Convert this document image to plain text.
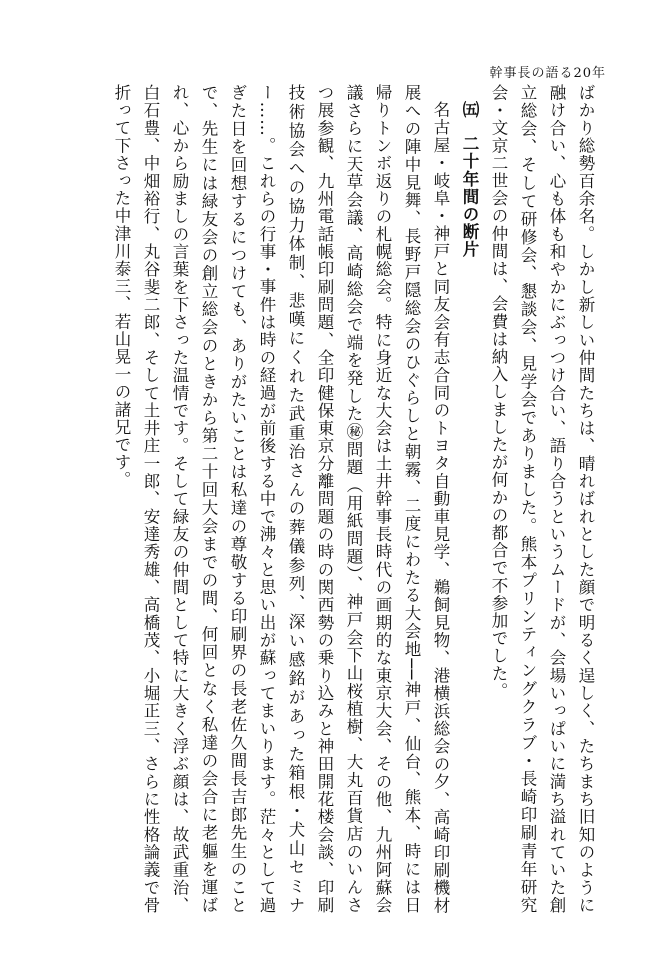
幹事長の語る20年

ばかり総勢百余名。しかし新しい仲間たちは、晴ればれとした顔で明るく逞しく、たちまち旧知のように融け合い、心も体も和やかにぶっつけ合い、語り合うというムードが、会場いっぱいに満ち溢れていた創立総会、そして研修会、懇談会、見学会でありました。熊本プリンティングクラブ・長崎印刷青年研究会・文京二世会の仲間は、会費は納入しましたが何かの都合で不参加でした。

㈤　二十年間の断片

名古屋・岐阜・神戸と同友会有志合同のトヨタ自動車見学、鵜飼見物、港横浜総会の夕、高崎印刷機材展への陣中見舞、長野戸隠総会のひぐらしと朝霧、二度にわたる大会地──神戸、仙台、熊本、時には日帰りトンボ返りの札幌総会。特に身近な大会は土井幹事長時代の画期的な東京大会、その他、九州阿蘇会議さらに天草会議、高崎総会で端を発した㊙問題（用紙問題）、神戸会下山桜植樹、大丸百貨店のいんさつ展参観、九州電話帳印刷問題、全印健保東京分離問題の時の関西勢の乗り込みと神田開花楼会談、印刷技術協会への協力体制、悲嘆にくれた武重治さんの葬儀参列、深い感銘があった箱根・犬山セミナー……。これらの行事・事件は時の経過が前後する中で沸々と思い出が蘇ってまいります。茫々として過ぎた日を回想するにつけても、ありがたいことは私達の尊敬する印刷界の長老佐久間長吉郎先生のことで、先生には緑友会の創立総会のときから第二十回大会までの間、何回となく私達の会合に老軀を運ばれ、心から励ましの言葉を下さった温情です。そして緑友の仲間として特に大きく浮ぶ顔は、故武重治、白石豊、中畑裕行、丸谷斐二郎、そして土井庄一郎、安達秀雄、高橋茂、小堀正三、さらに性格論義で骨折って下さった中津川泰三、若山晃一の諸兄です。
